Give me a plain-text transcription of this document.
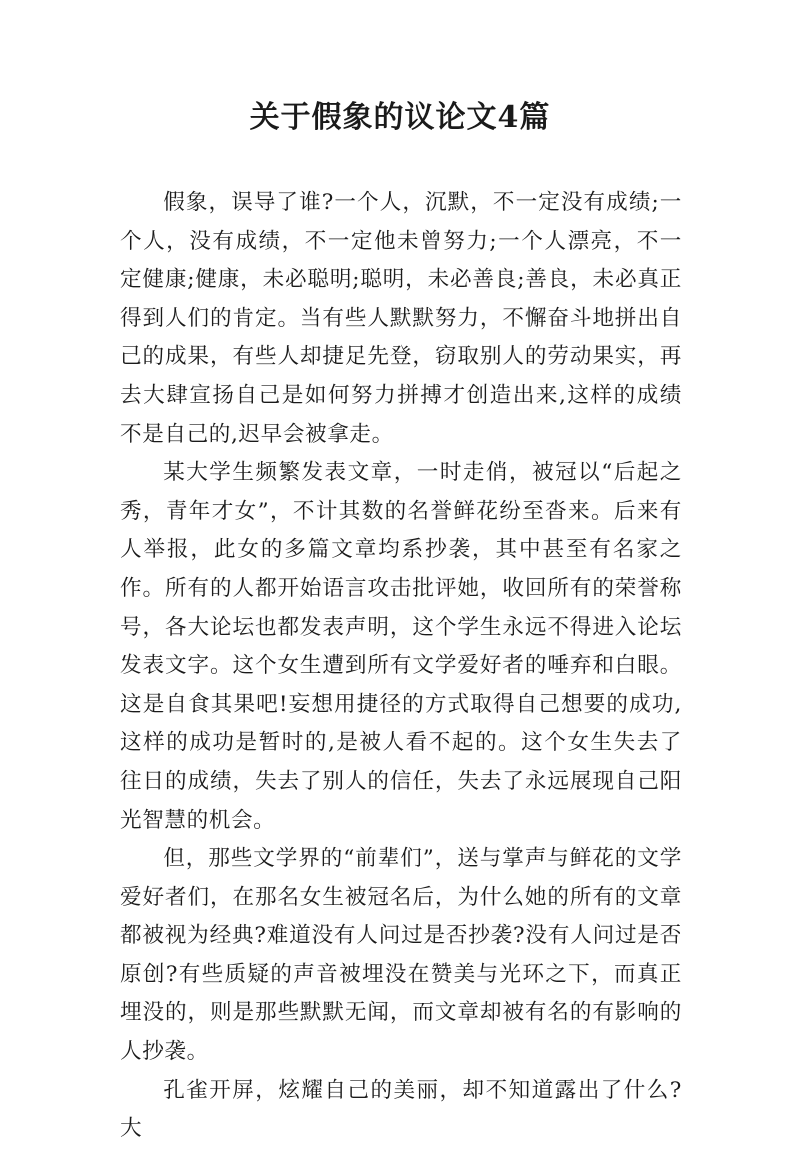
关于假象的议论文4篇

假象，误导了谁?一个人，沉默，不一定没有成绩;一个人，没有成绩，不一定他未曾努力;一个人漂亮，不一定健康;健康，未必聪明;聪明，未必善良;善良，未必真正得到人们的肯定。当有些人默默努力，不懈奋斗地拼出自己的成果，有些人却捷足先登，窃取别人的劳动果实，再去大肆宣扬自己是如何努力拼搏才创造出来,这样的成绩不是自己的,迟早会被拿走。

某大学生频繁发表文章，一时走俏，被冠以“后起之秀，青年才女”，不计其数的名誉鲜花纷至沓来。后来有人举报，此女的多篇文章均系抄袭，其中甚至有名家之作。所有的人都开始语言攻击批评她，收回所有的荣誉称号，各大论坛也都发表声明，这个学生永远不得进入论坛发表文字。这个女生遭到所有文学爱好者的唾弃和白眼。这是自食其果吧!妄想用捷径的方式取得自己想要的成功,这样的成功是暂时的,是被人看不起的。这个女生失去了往日的成绩，失去了别人的信任，失去了永远展现自己阳光智慧的机会。

但，那些文学界的“前辈们”，送与掌声与鲜花的文学爱好者们，在那名女生被冠名后，为什么她的所有的文章都被视为经典?难道没有人问过是否抄袭?没有人问过是否原创?有些质疑的声音被埋没在赞美与光环之下，而真正埋没的，则是那些默默无闻，而文章却被有名的有影响的人抄袭。

孔雀开屏，炫耀自己的美丽，却不知道露出了什么?大
